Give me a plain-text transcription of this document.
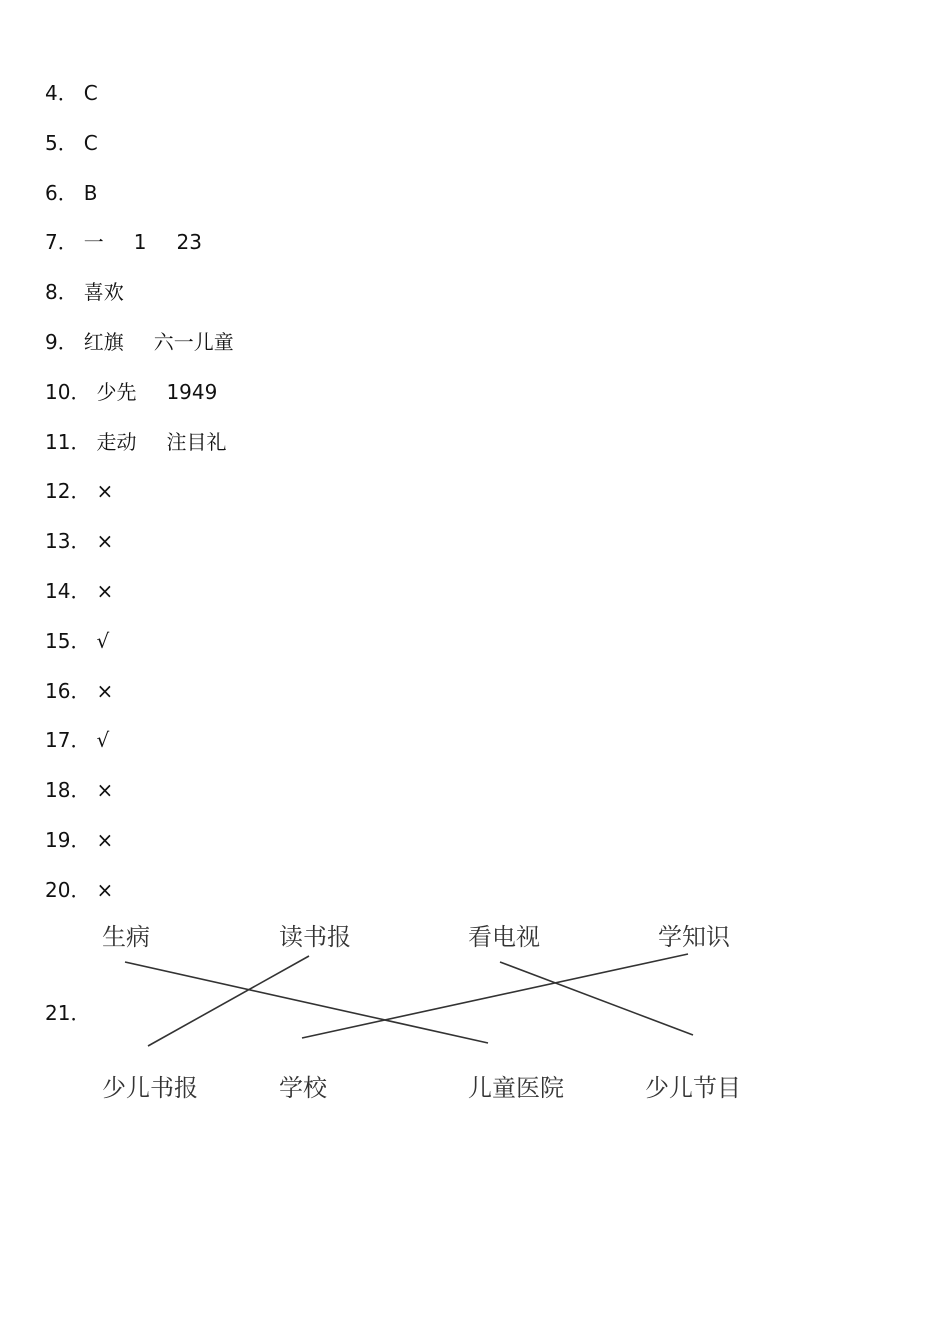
4． C
5． C
6． B
7． 一 1 23
8． 喜欢
9． 红旗 六一儿童
10． 少先 1949
11． 走动 注目礼
12． ×
13． ×
14． ×
15． √
16． ×
17． √
18． ×
19． ×
20． ×
21．
生病	读书报	看电视	学知识
少儿书报	学校	儿童医院	少儿节目
